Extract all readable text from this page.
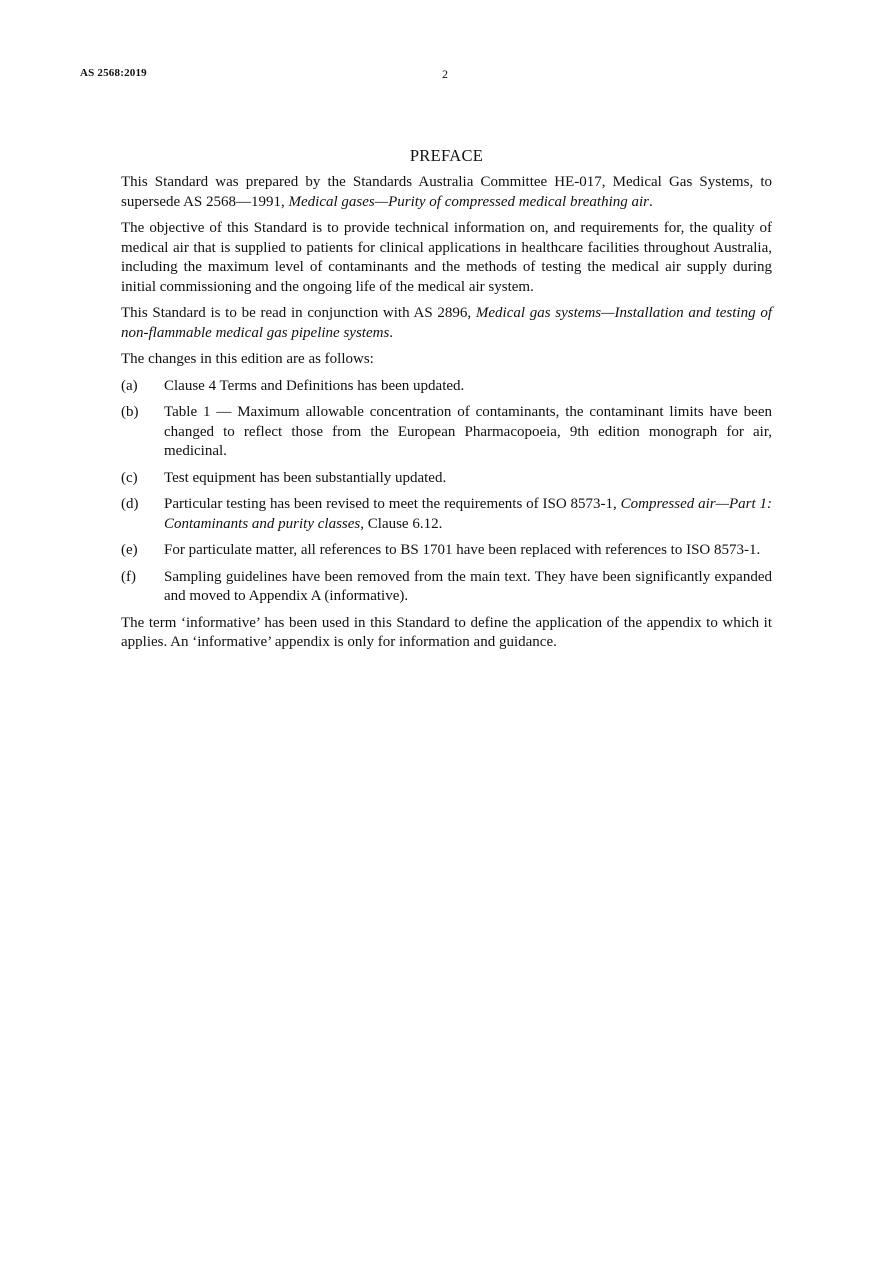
AS 2568:2019	2
PREFACE

This Standard was prepared by the Standards Australia Committee HE-017, Medical Gas Systems, to supersede AS 2568—1991, Medical gases—Purity of compressed medical breathing air.

The objective of this Standard is to provide technical information on, and requirements for, the quality of medical air that is supplied to patients for clinical applications in healthcare facilities throughout Australia, including the maximum level of contaminants and the methods of testing the medical air supply during initial commissioning and the ongoing life of the medical air system.

This Standard is to be read in conjunction with AS 2896, Medical gas systems—Installation and testing of non-flammable medical gas pipeline systems.

The changes in this edition are as follows:

(a)	Clause 4 Terms and Definitions has been updated.
(b)	Table 1 — Maximum allowable concentration of contaminants, the contaminant limits have been changed to reflect those from the European Pharmacopoeia, 9th edition monograph for air, medicinal.
(c)	Test equipment has been substantially updated.
(d)	Particular testing has been revised to meet the requirements of ISO 8573-1, Compressed air—Part 1: Contaminants and purity classes, Clause 6.12.
(e)	For particulate matter, all references to BS 1701 have been replaced with references to ISO 8573-1.
(f)	Sampling guidelines have been removed from the main text. They have been significantly expanded and moved to Appendix A (informative).

The term ‘informative’ has been used in this Standard to define the application of the appendix to which it applies. An ‘informative’ appendix is only for information and guidance.
